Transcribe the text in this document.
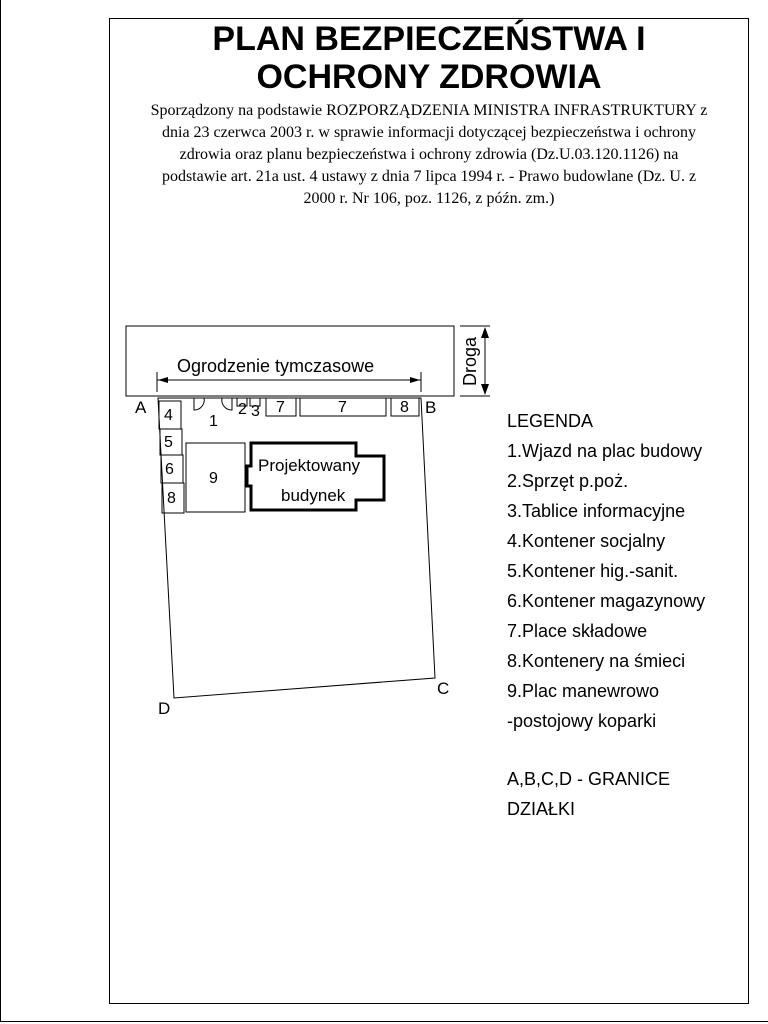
PLAN BEZPIECZEŃSTWA I
OCHRONY ZDROWIA
Sporządzony na podstawie ROZPORZĄDZENIA MINISTRA INFRASTRUKTURY z
dnia 23 czerwca 2003 r. w sprawie informacji dotyczącej bezpieczeństwa i ochrony
zdrowia oraz planu bezpieczeństwa i ochrony zdrowia (Dz.U.03.120.1126) na
podstawie art. 21a ust. 4 ustawy z dnia 7 lipca 1994 r. - Prawo budowlane (Dz. U. z
2000 r. Nr 106, poz. 1126, z późn. zm.)
Droga
Ogrodzenie tymczasowe
A	B
C
D
1
2 3 7	7	8
4
5
6
8
9
Projektowany
budynek
LEGENDA
1.Wjazd na plac budowy
2.Sprzęt p.poż.
3.Tablice informacyjne
4.Kontener socjalny
5.Kontener hig.-sanit.
6.Kontener magazynowy
7.Place składowe
8.Kontenery na śmieci
9.Plac manewrowo
-postojowy koparki
A,B,C,D - GRANICE
DZIAŁKI
